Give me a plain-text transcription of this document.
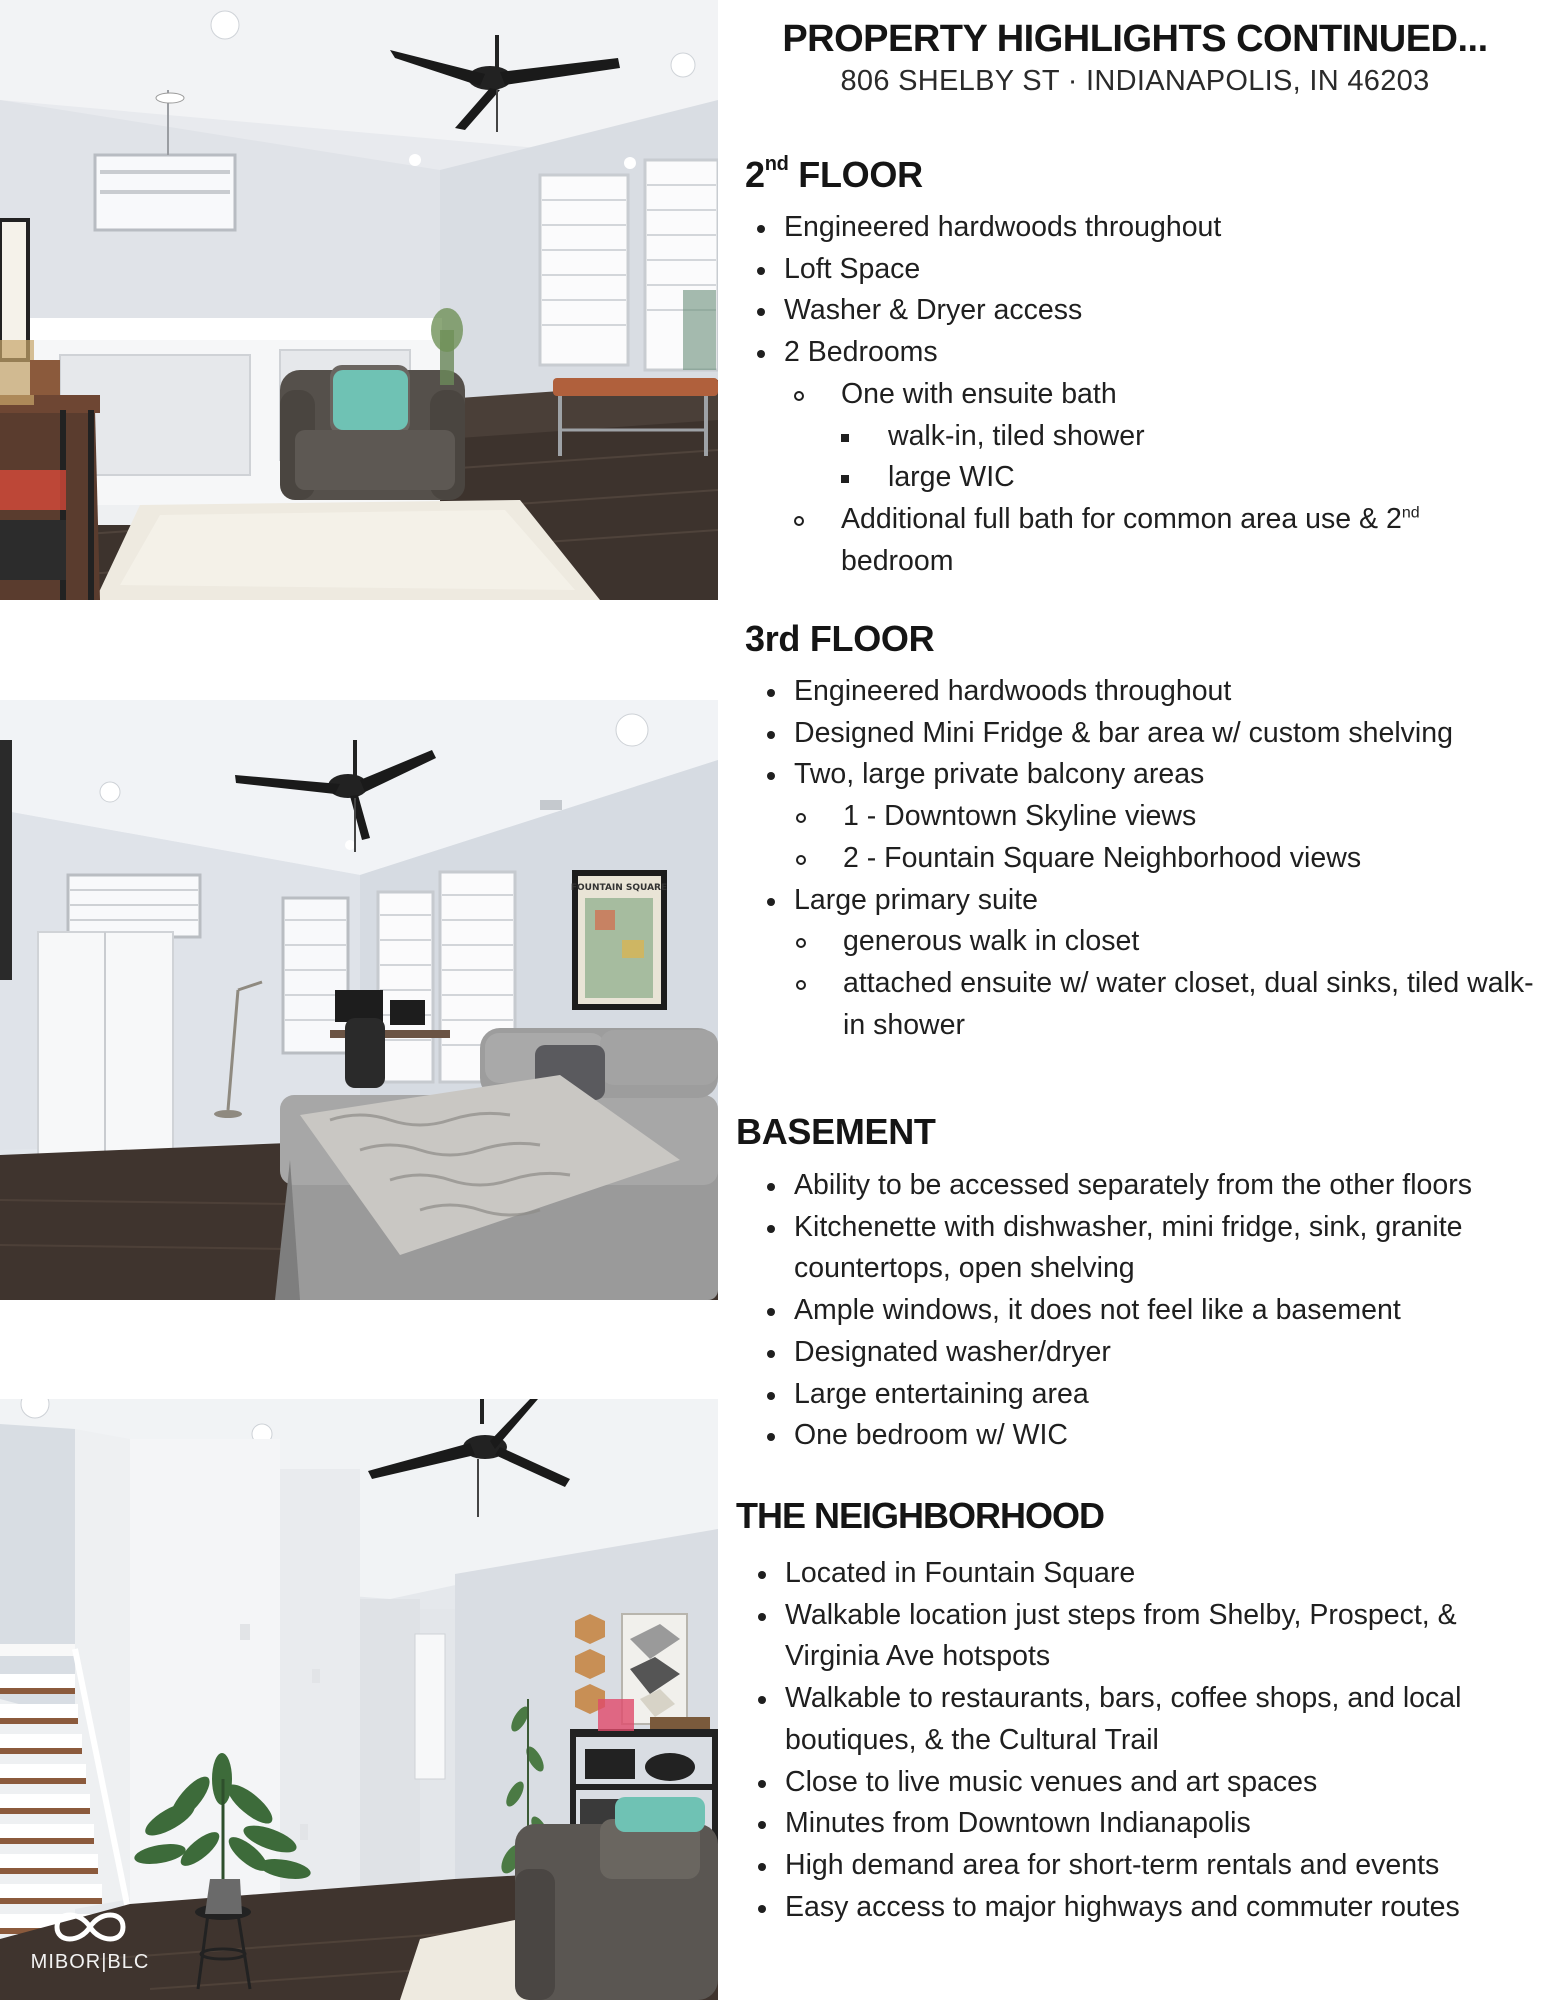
FOUNTAIN SQUARE
MIBOR|BLC
PROPERTY HIGHLIGHTS CONTINUED...
806 SHELBY ST · INDIANAPOLIS, IN 46203
2nd FLOOR
Engineered hardwoods throughout
Loft Space
Washer & Dryer access
2 Bedrooms
One with ensuite bath
walk-in, tiled shower
large WIC
Additional full bath for common area use & 2nd
bedroom
3rd FLOOR
Engineered hardwoods throughout
Designed Mini Fridge & bar area w/ custom shelving
Two, large private balcony areas
1 - Downtown Skyline views
2 - Fountain Square Neighborhood views
Large primary suite
generous walk in closet
attached ensuite w/ water closet, dual sinks, tiled walk-in shower
BASEMENT
Ability to be accessed separately from the other floors
Kitchenette with dishwasher, mini fridge, sink, granite countertops, open shelving
Ample windows, it does not feel like a basement
Designated washer/dryer
Large entertaining area
One bedroom w/ WIC
THE NEIGHBORHOOD
Located in Fountain Square
Walkable location just steps from Shelby, Prospect, & Virginia Ave hotspots
Walkable to restaurants, bars, coffee shops, and local boutiques, & the Cultural Trail
Close to live music venues and art spaces
Minutes from Downtown Indianapolis
High demand area for short-term rentals and events
Easy access to major highways and commuter routes
